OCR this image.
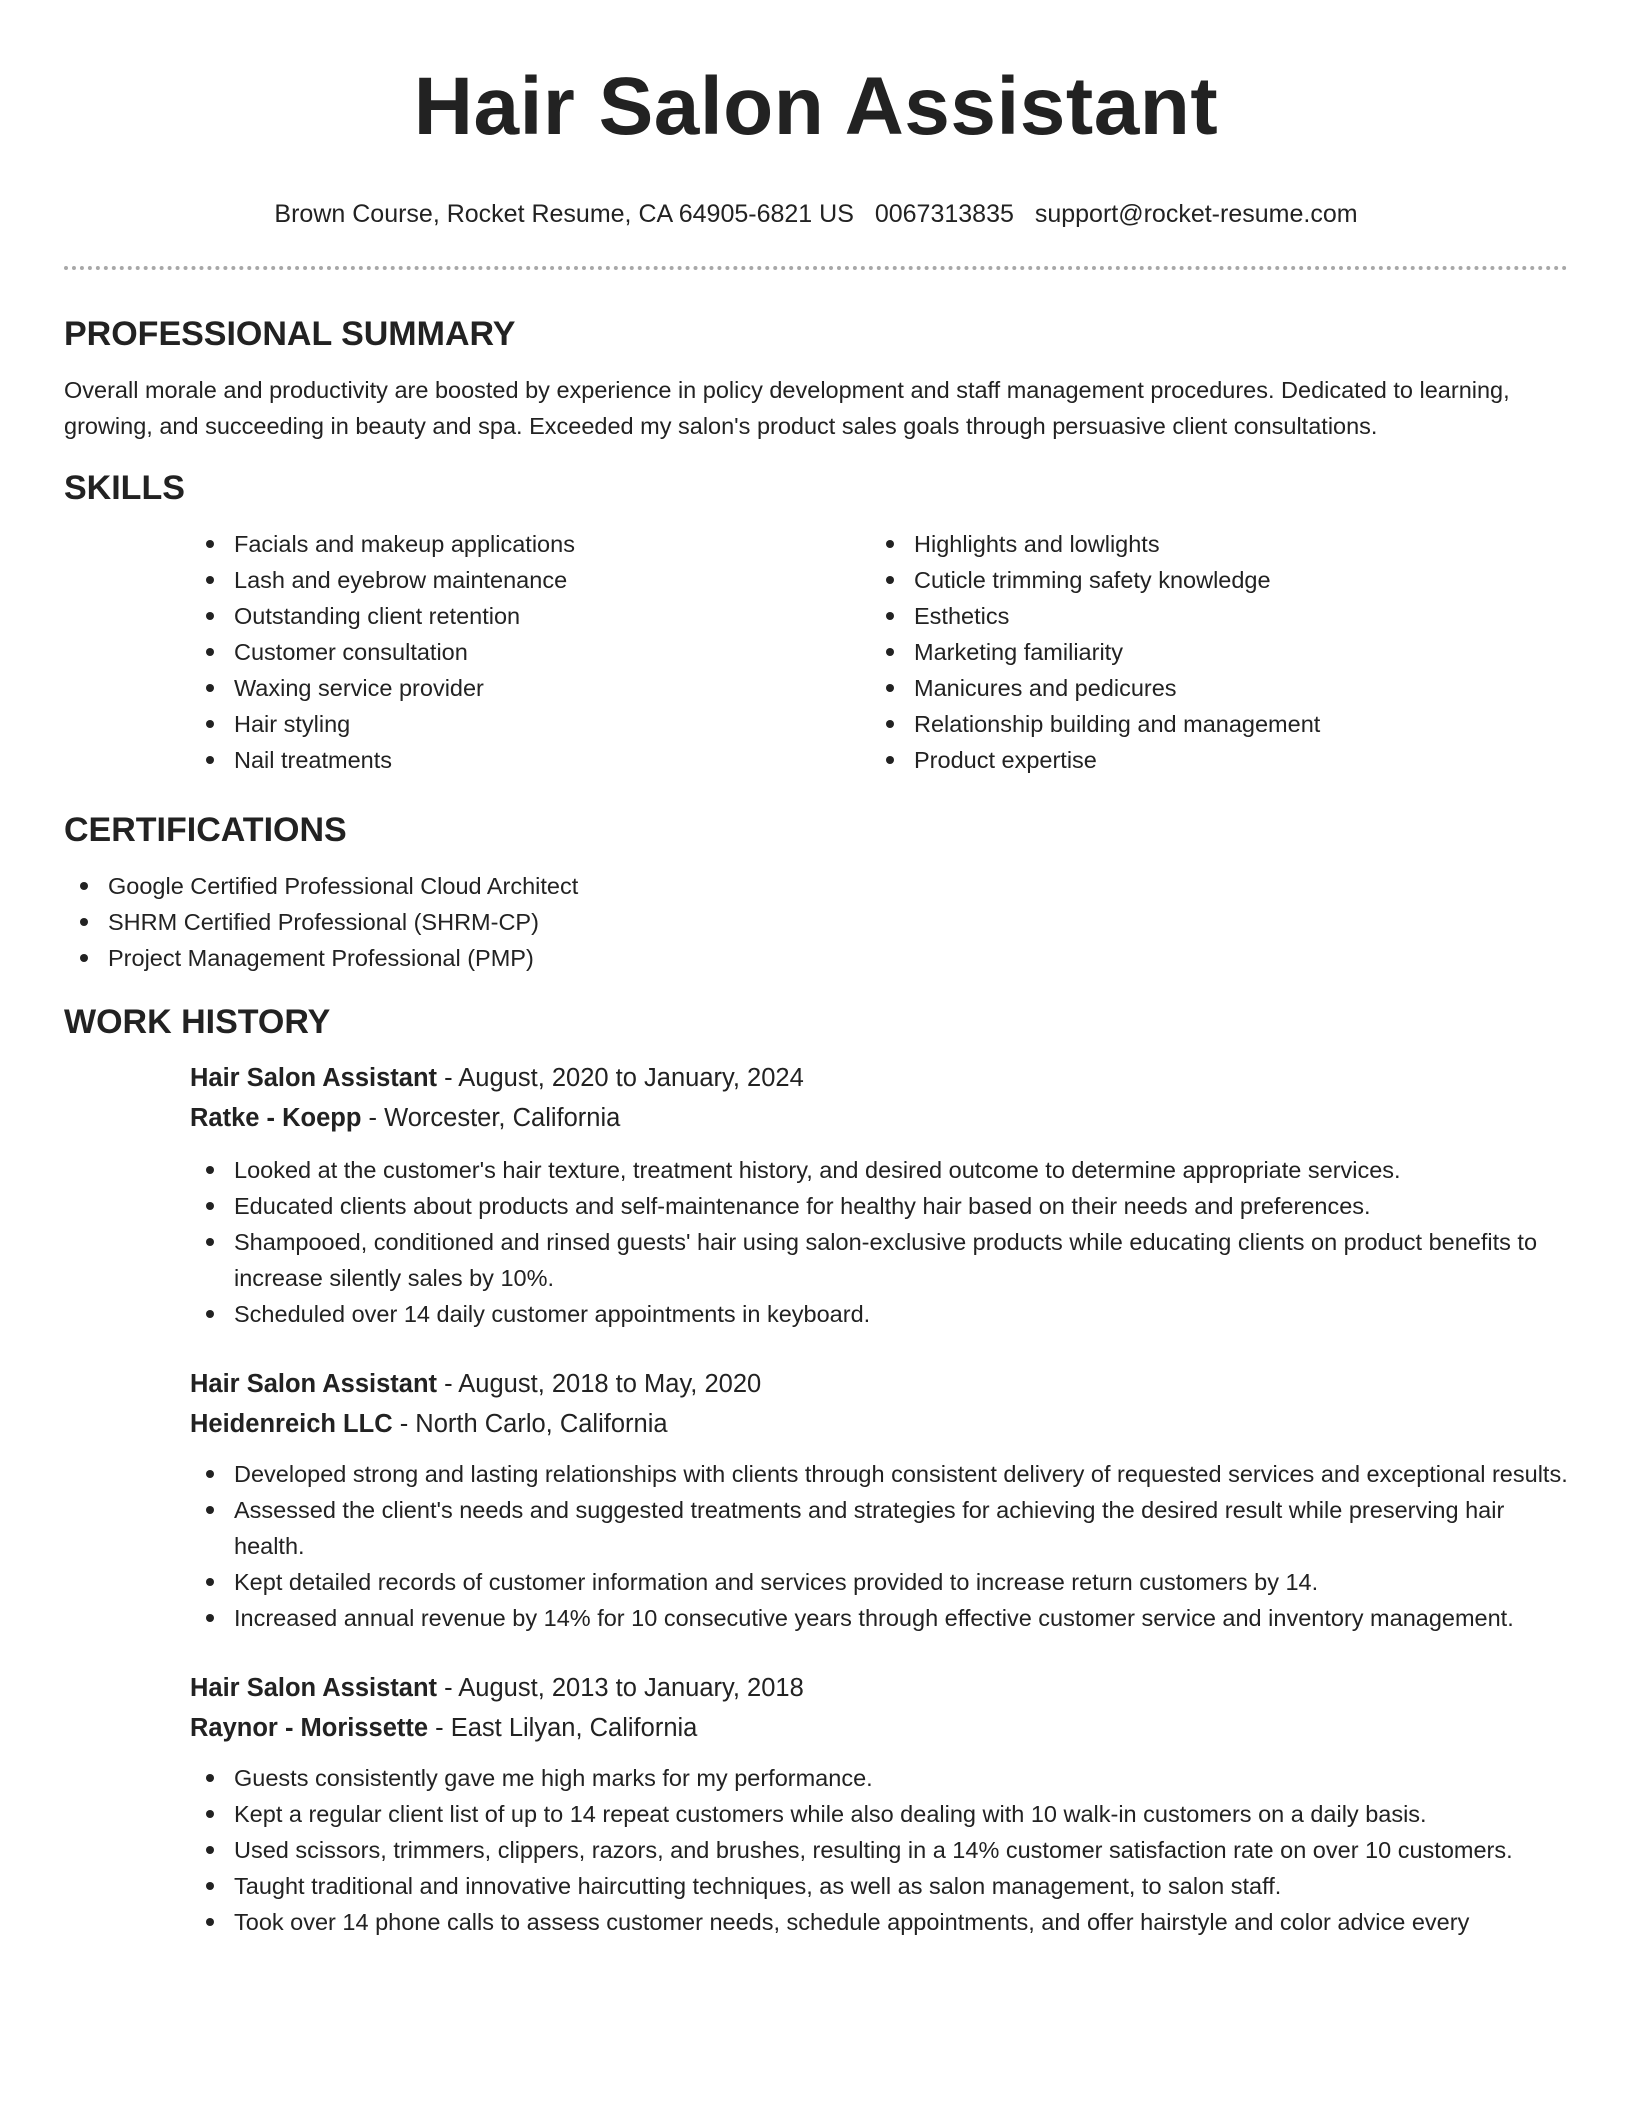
Hair Salon Assistant
Brown Course, Rocket Resume, CA 64905-6821 US 0067313835 support@rocket-resume.com
PROFESSIONAL SUMMARY

Overall morale and productivity are boosted by experience in policy development and staff management procedures. Dedicated to learning, growing, and succeeding in beauty and spa. Exceeded my salon's product sales goals through persuasive client consultations.

SKILLS
Facials and makeup applications
Lash and eyebrow maintenance
Outstanding client retention
Customer consultation
Waxing service provider
Hair styling
Nail treatments
Highlights and lowlights
Cuticle trimming safety knowledge
Esthetics
Marketing familiarity
Manicures and pedicures
Relationship building and management
Product expertise
CERTIFICATIONS
Google Certified Professional Cloud Architect
SHRM Certified Professional (SHRM-CP)
Project Management Professional (PMP)
WORK HISTORY
Hair Salon Assistant - August, 2020 to January, 2024
Ratke - Koepp - Worcester, California
Looked at the customer's hair texture, treatment history, and desired outcome to determine appropriate services.
Educated clients about products and self-maintenance for healthy hair based on their needs and preferences.
Shampooed, conditioned and rinsed guests' hair using salon-exclusive products while educating clients on product benefits to increase silently sales by 10%.
Scheduled over 14 daily customer appointments in keyboard.
Hair Salon Assistant - August, 2018 to May, 2020
Heidenreich LLC - North Carlo, California
Developed strong and lasting relationships with clients through consistent delivery of requested services and exceptional results.
Assessed the client's needs and suggested treatments and strategies for achieving the desired result while preserving hair health.
Kept detailed records of customer information and services provided to increase return customers by 14.
Increased annual revenue by 14% for 10 consecutive years through effective customer service and inventory management.
Hair Salon Assistant - August, 2013 to January, 2018
Raynor - Morissette - East Lilyan, California
Guests consistently gave me high marks for my performance.
Kept a regular client list of up to 14 repeat customers while also dealing with 10 walk-in customers on a daily basis.
Used scissors, trimmers, clippers, razors, and brushes, resulting in a 14% customer satisfaction rate on over 10 customers.
Taught traditional and innovative haircutting techniques, as well as salon management, to salon staff.
Took over 14 phone calls to assess customer needs, schedule appointments, and offer hairstyle and color advice every
